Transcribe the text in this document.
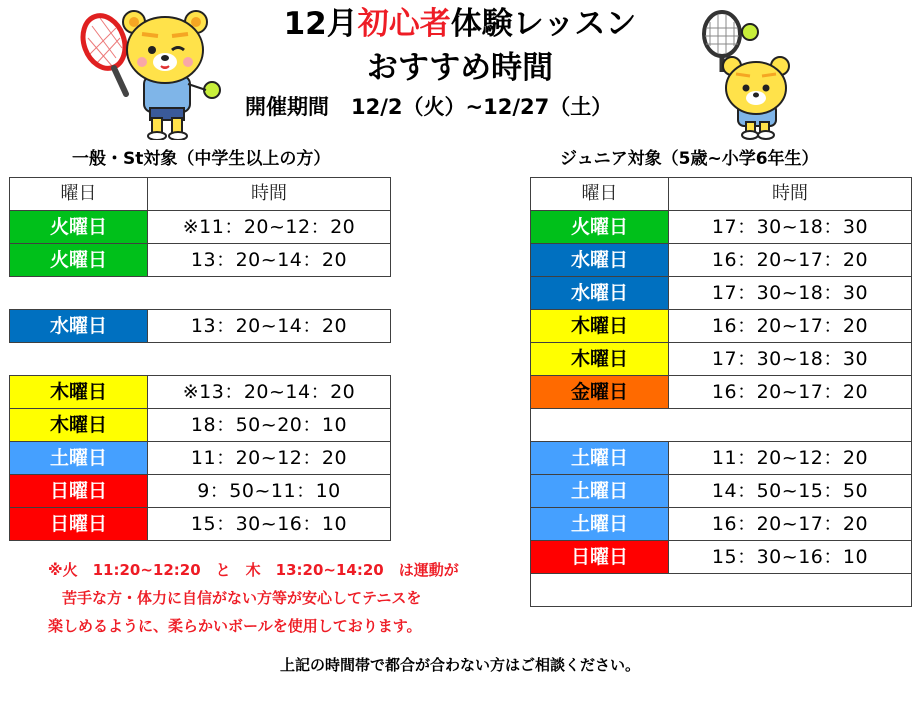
12月初心者体験レッスン
おすすめ時間
開催期間 12/2（火）~12/27（土）
一般・St対象（中学生以上の方）	ジュニア対象（5歳~小学6年生）
曜日	時間
火曜日	※11：20~12：20
火曜日	13：20~14：20

水曜日	13：20~14：20

木曜日	※13：20~14：20
木曜日	18：50~20：10
土曜日	11：20~12：20
日曜日	9：50~11：10
日曜日	15：30~16：10
曜日	時間
火曜日	17：30~18：30
水曜日	16：20~17：20
水曜日	17：30~18：30
木曜日	16：20~17：20
木曜日	17：30~18：30
金曜日	16：20~17：20

土曜日	11：20~12：20
土曜日	14：50~15：50
土曜日	16：20~17：20
日曜日	15：30~16：10

※火　11:20~12:20　と　木　13:20~14:20　は運動が

苦手な方・体力に自信がない方等が安心してテニスを

楽しめるように、柔らかいボールを使用しております。

上記の時間帯で都合が合わない方はご相談ください。
